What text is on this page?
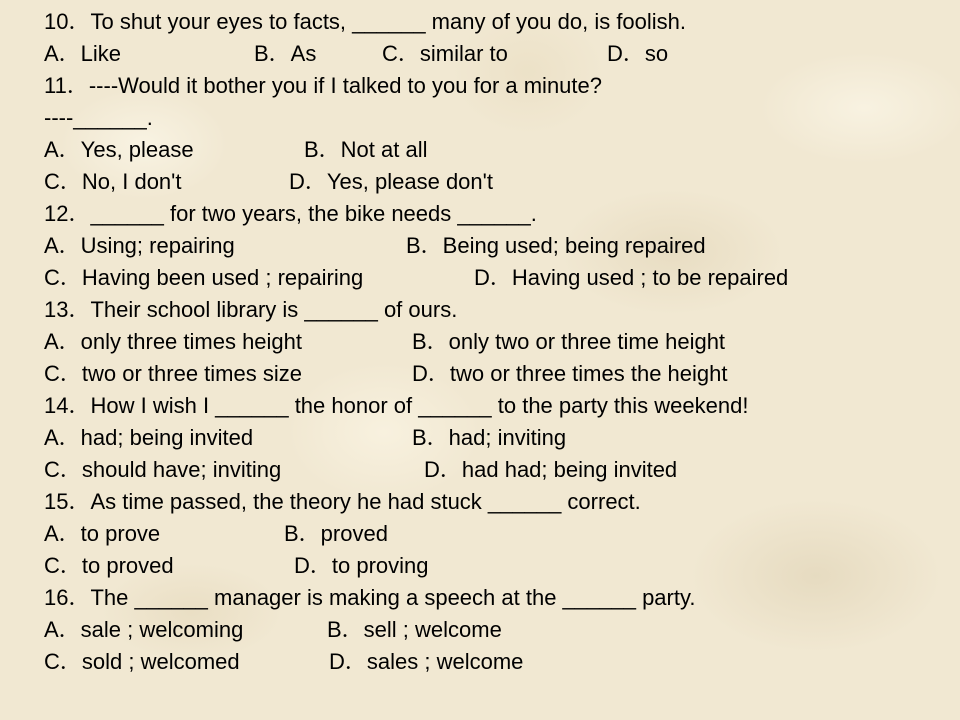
10．To shut your eyes to facts, ______ many of you do, is foolish.
A．Like	B．As	C．similar to	D．so
11．----Would it bother you if I talked to you for a minute?
----______.
A．Yes, please	B．Not at all
C．No, I don't	D．Yes, please don't
12．______ for two years, the bike needs ______.
A．Using; repairing	B．Being used; being repaired
C．Having been used ; repairing	D．Having used ; to be repaired
13．Their school library is ______ of ours.
A．only three times height	B．only two or three time height
C．two or three times size	D．two or three times the height
14．How I wish I ______ the honor of ______ to the party this weekend!
A．had; being invited	B．had; inviting
C．should have; inviting	D．had had; being invited
15．As time passed, the theory he had stuck ______ correct.
A．to prove	B．proved
C．to proved	D．to proving
16．The ______ manager is making a speech at the ______ party.
A．sale ; welcoming	B．sell ; welcome
C．sold ; welcomed	D．sales ; welcome
